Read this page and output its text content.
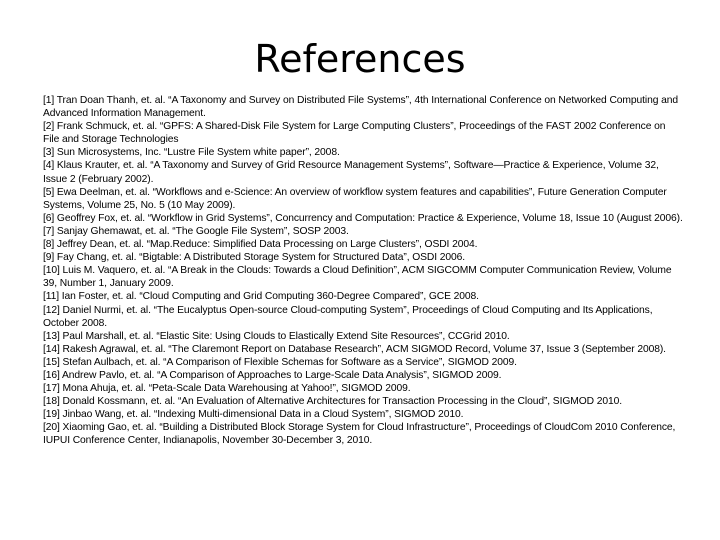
References
[1] Tran Doan Thanh, et. al. “A Taxonomy and Survey on Distributed File Systems”, 4th International Conference on Networked Computing and Advanced Information Management.
[2] Frank Schmuck, et. al. “GPFS: A Shared-Disk File System for Large Computing Clusters”, Proceedings of the FAST 2002 Conference on File and Storage Technologies
[3] Sun Microsystems, Inc. “Lustre File System white paper”, 2008.
[4] Klaus Krauter, et. al. “A Taxonomy and Survey of Grid Resource Management Systems”, Software—Practice & Experience, Volume 32, Issue 2 (February 2002).
[5] Ewa Deelman, et. al. “Workflows and e-Science: An overview of workflow system features and capabilities”, Future Generation Computer Systems, Volume 25, No. 5 (10 May 2009).
[6] Geoffrey Fox, et. al. “Workflow in Grid Systems”, Concurrency and Computation: Practice & Experience, Volume 18, Issue 10 (August 2006).
[7] Sanjay Ghemawat, et. al. “The Google File System”, SOSP 2003.
[8] Jeffrey Dean, et. al. “Map.Reduce: Simplified Data Processing on Large Clusters”, OSDI 2004.
[9] Fay Chang, et. al. “Bigtable: A Distributed Storage System for Structured Data”, OSDI 2006.
[10] Luis M. Vaquero, et. al. “A Break in the Clouds: Towards a Cloud Definition”, ACM SIGCOMM Computer Communication Review, Volume 39, Number 1, January 2009.
[11] Ian Foster, et. al. “Cloud Computing and Grid Computing 360-Degree Compared”, GCE 2008.
[12] Daniel Nurmi, et. al. “The Eucalyptus Open-source Cloud-computing System”, Proceedings of Cloud Computing and Its Applications, October 2008.
[13] Paul Marshall, et. al. “Elastic Site: Using Clouds to Elastically Extend Site Resources”, CCGrid 2010.
[14] Rakesh Agrawal, et. al. “The Claremont Report on Database Research”, ACM SIGMOD Record, Volume 37, Issue 3 (September 2008).
[15] Stefan Aulbach, et. al. “A Comparison of Flexible Schemas for Software as a Service”, SIGMOD 2009.
[16] Andrew Pavlo, et. al. “A Comparison of Approaches to Large-Scale Data Analysis”, SIGMOD 2009.
[17] Mona Ahuja, et. al. “Peta-Scale Data Warehousing at Yahoo!”, SIGMOD 2009.
[18] Donald Kossmann, et. al. “An Evaluation of Alternative Architectures for Transaction Processing in the Cloud”, SIGMOD 2010.
[19] Jinbao Wang, et. al. “Indexing Multi-dimensional Data in a Cloud System”, SIGMOD 2010.
[20] Xiaoming Gao, et. al. “Building a Distributed Block Storage System for Cloud Infrastructure”, Proceedings of CloudCom 2010 Conference, IUPUI Conference Center, Indianapolis, November 30-December 3, 2010.
